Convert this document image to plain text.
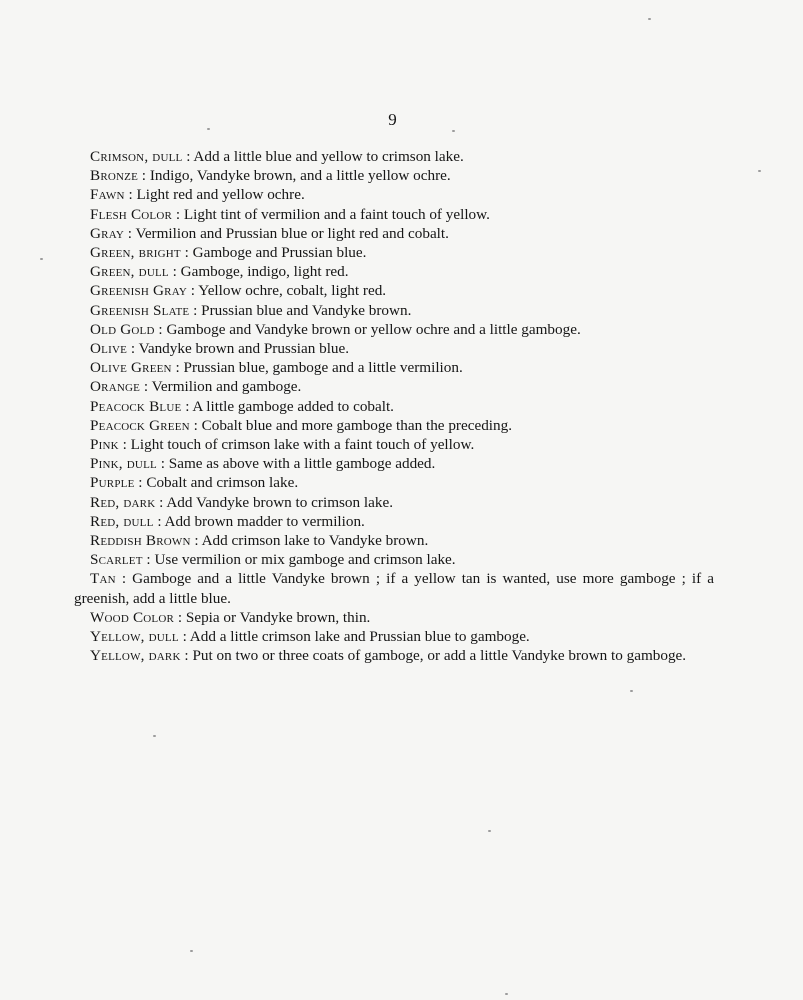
9

Crimson, dull : Add a little blue and yellow to crimson lake.

Bronze : Indigo, Vandyke brown, and a little yellow ochre.

Fawn : Light red and yellow ochre.

Flesh Color : Light tint of vermilion and a faint touch of yellow.

Gray : Vermilion and Prussian blue or light red and cobalt.

Green, bright : Gamboge and Prussian blue.

Green, dull : Gamboge, indigo, light red.

Greenish Gray : Yellow ochre, cobalt, light red.

Greenish Slate : Prussian blue and Vandyke brown.

Old Gold : Gamboge and Vandyke brown or yellow ochre and a little gamboge.

Olive : Vandyke brown and Prussian blue.

Olive Green : Prussian blue, gamboge and a little vermilion.

Orange : Vermilion and gamboge.

Peacock Blue : A little gamboge added to cobalt.

Peacock Green : Cobalt blue and more gamboge than the preceding.

Pink : Light touch of crimson lake with a faint touch of yellow.

Pink, dull : Same as above with a little gamboge added.

Purple : Cobalt and crimson lake.

Red, dark : Add Vandyke brown to crimson lake.

Red, dull : Add brown madder to vermilion.

Reddish Brown : Add crimson lake to Vandyke brown.

Scarlet : Use vermilion or mix gamboge and crimson lake.

Tan : Gamboge and a little Vandyke brown ; if a yellow tan is wanted, use more gamboge ; if a greenish, add a little blue.

Wood Color : Sepia or Vandyke brown, thin.

Yellow, dull : Add a little crimson lake and Prussian blue to gamboge.

Yellow, dark : Put on two or three coats of gamboge, or add a little Vandyke brown to gamboge.
